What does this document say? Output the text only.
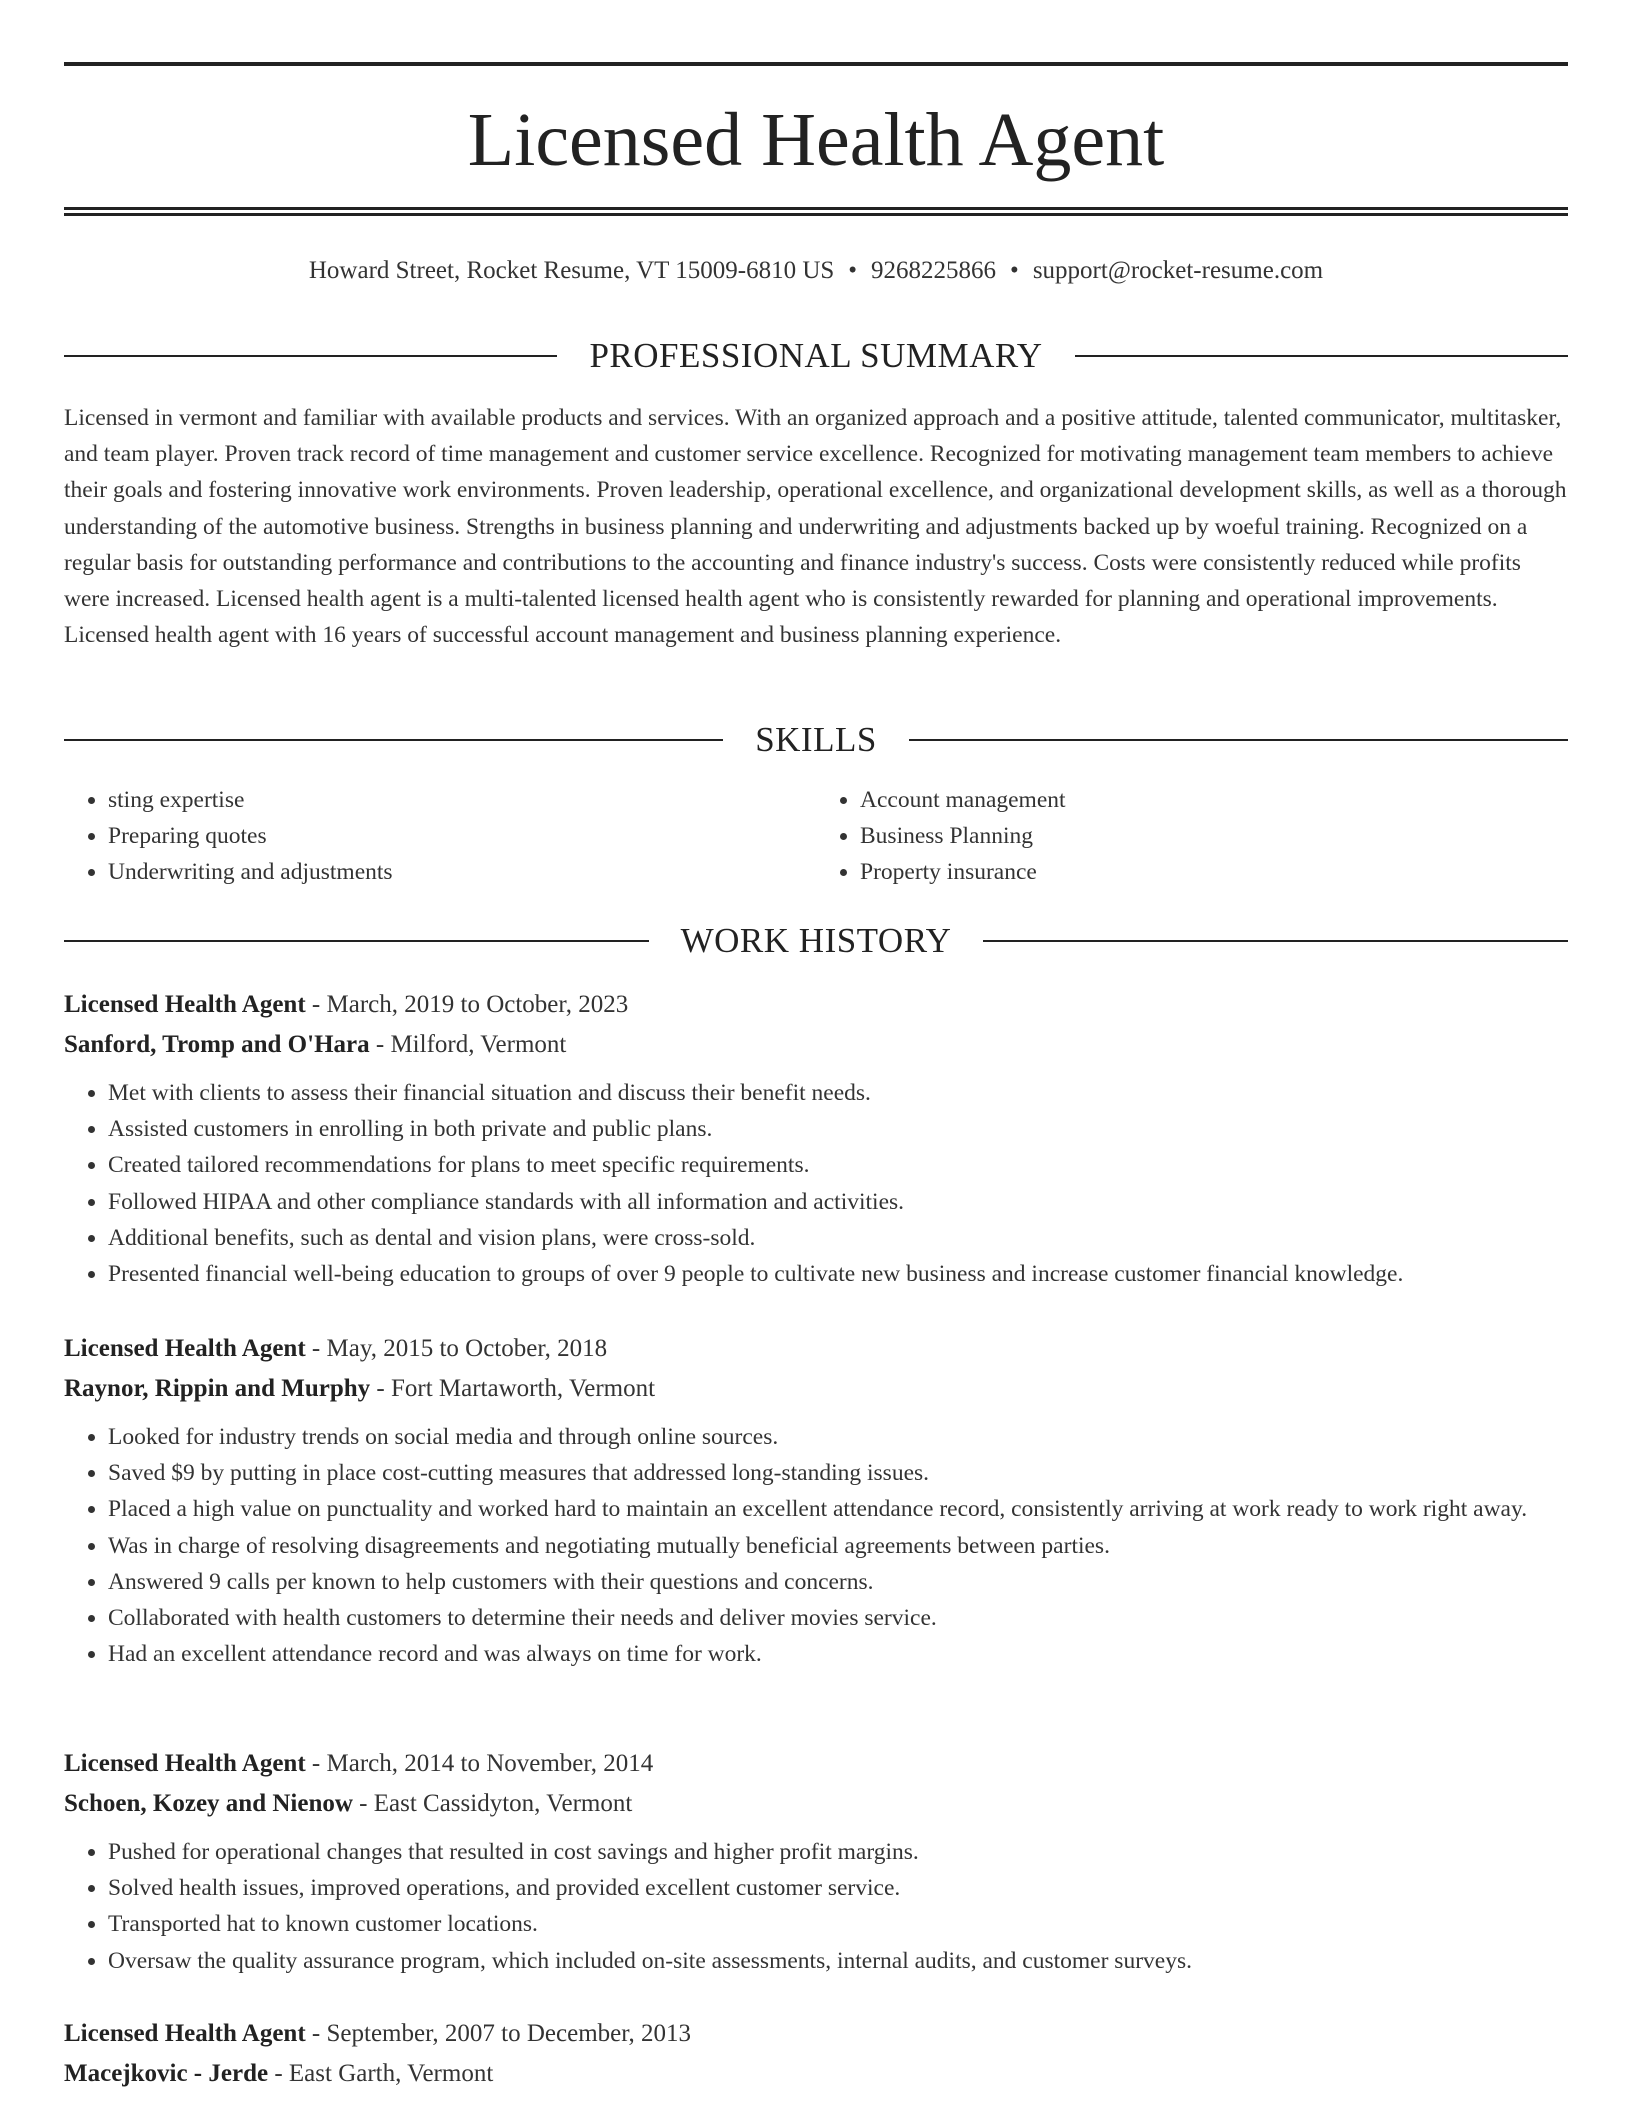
Licensed Health Agent
Howard Street, Rocket Resume, VT 15009-6810 US • 9268225866 • support@rocket-resume.com
PROFESSIONAL SUMMARY

Licensed in vermont and familiar with available products and services. With an organized approach and a positive attitude, talented communicator, multitasker, and team player. Proven track record of time management and customer service excellence. Recognized for motivating management team members to achieve their goals and fostering innovative work environments. Proven leadership, operational excellence, and organizational development skills, as well as a thorough understanding of the automotive business. Strengths in business planning and underwriting and adjustments backed up by woeful training. Recognized on a regular basis for outstanding performance and contributions to the accounting and finance industry's success. Costs were consistently reduced while profits were increased. Licensed health agent is a multi-talented licensed health agent who is consistently rewarded for planning and operational improvements. Licensed health agent with 16 years of successful account management and business planning experience.

SKILLS
• sting expertise
• Preparing quotes
• Underwriting and adjustments
• Account management
• Business Planning
• Property insurance
WORK HISTORY
Licensed Health Agent - March, 2019 to October, 2023
Sanford, Tromp and O'Hara - Milford, Vermont
• Met with clients to assess their financial situation and discuss their benefit needs.
• Assisted customers in enrolling in both private and public plans.
• Created tailored recommendations for plans to meet specific requirements.
• Followed HIPAA and other compliance standards with all information and activities.
• Additional benefits, such as dental and vision plans, were cross-sold.
• Presented financial well-being education to groups of over 9 people to cultivate new business and increase customer financial knowledge.
Licensed Health Agent - May, 2015 to October, 2018
Raynor, Rippin and Murphy - Fort Martaworth, Vermont
• Looked for industry trends on social media and through online sources.
• Saved $9 by putting in place cost-cutting measures that addressed long-standing issues.
• Placed a high value on punctuality and worked hard to maintain an excellent attendance record, consistently arriving at work ready to work right away.
• Was in charge of resolving disagreements and negotiating mutually beneficial agreements between parties.
• Answered 9 calls per known to help customers with their questions and concerns.
• Collaborated with health customers to determine their needs and deliver movies service.
• Had an excellent attendance record and was always on time for work.
Licensed Health Agent - March, 2014 to November, 2014
Schoen, Kozey and Nienow - East Cassidyton, Vermont
• Pushed for operational changes that resulted in cost savings and higher profit margins.
• Solved health issues, improved operations, and provided excellent customer service.
• Transported hat to known customer locations.
• Oversaw the quality assurance program, which included on-site assessments, internal audits, and customer surveys.
Licensed Health Agent - September, 2007 to December, 2013
Macejkovic - Jerde - East Garth, Vermont
